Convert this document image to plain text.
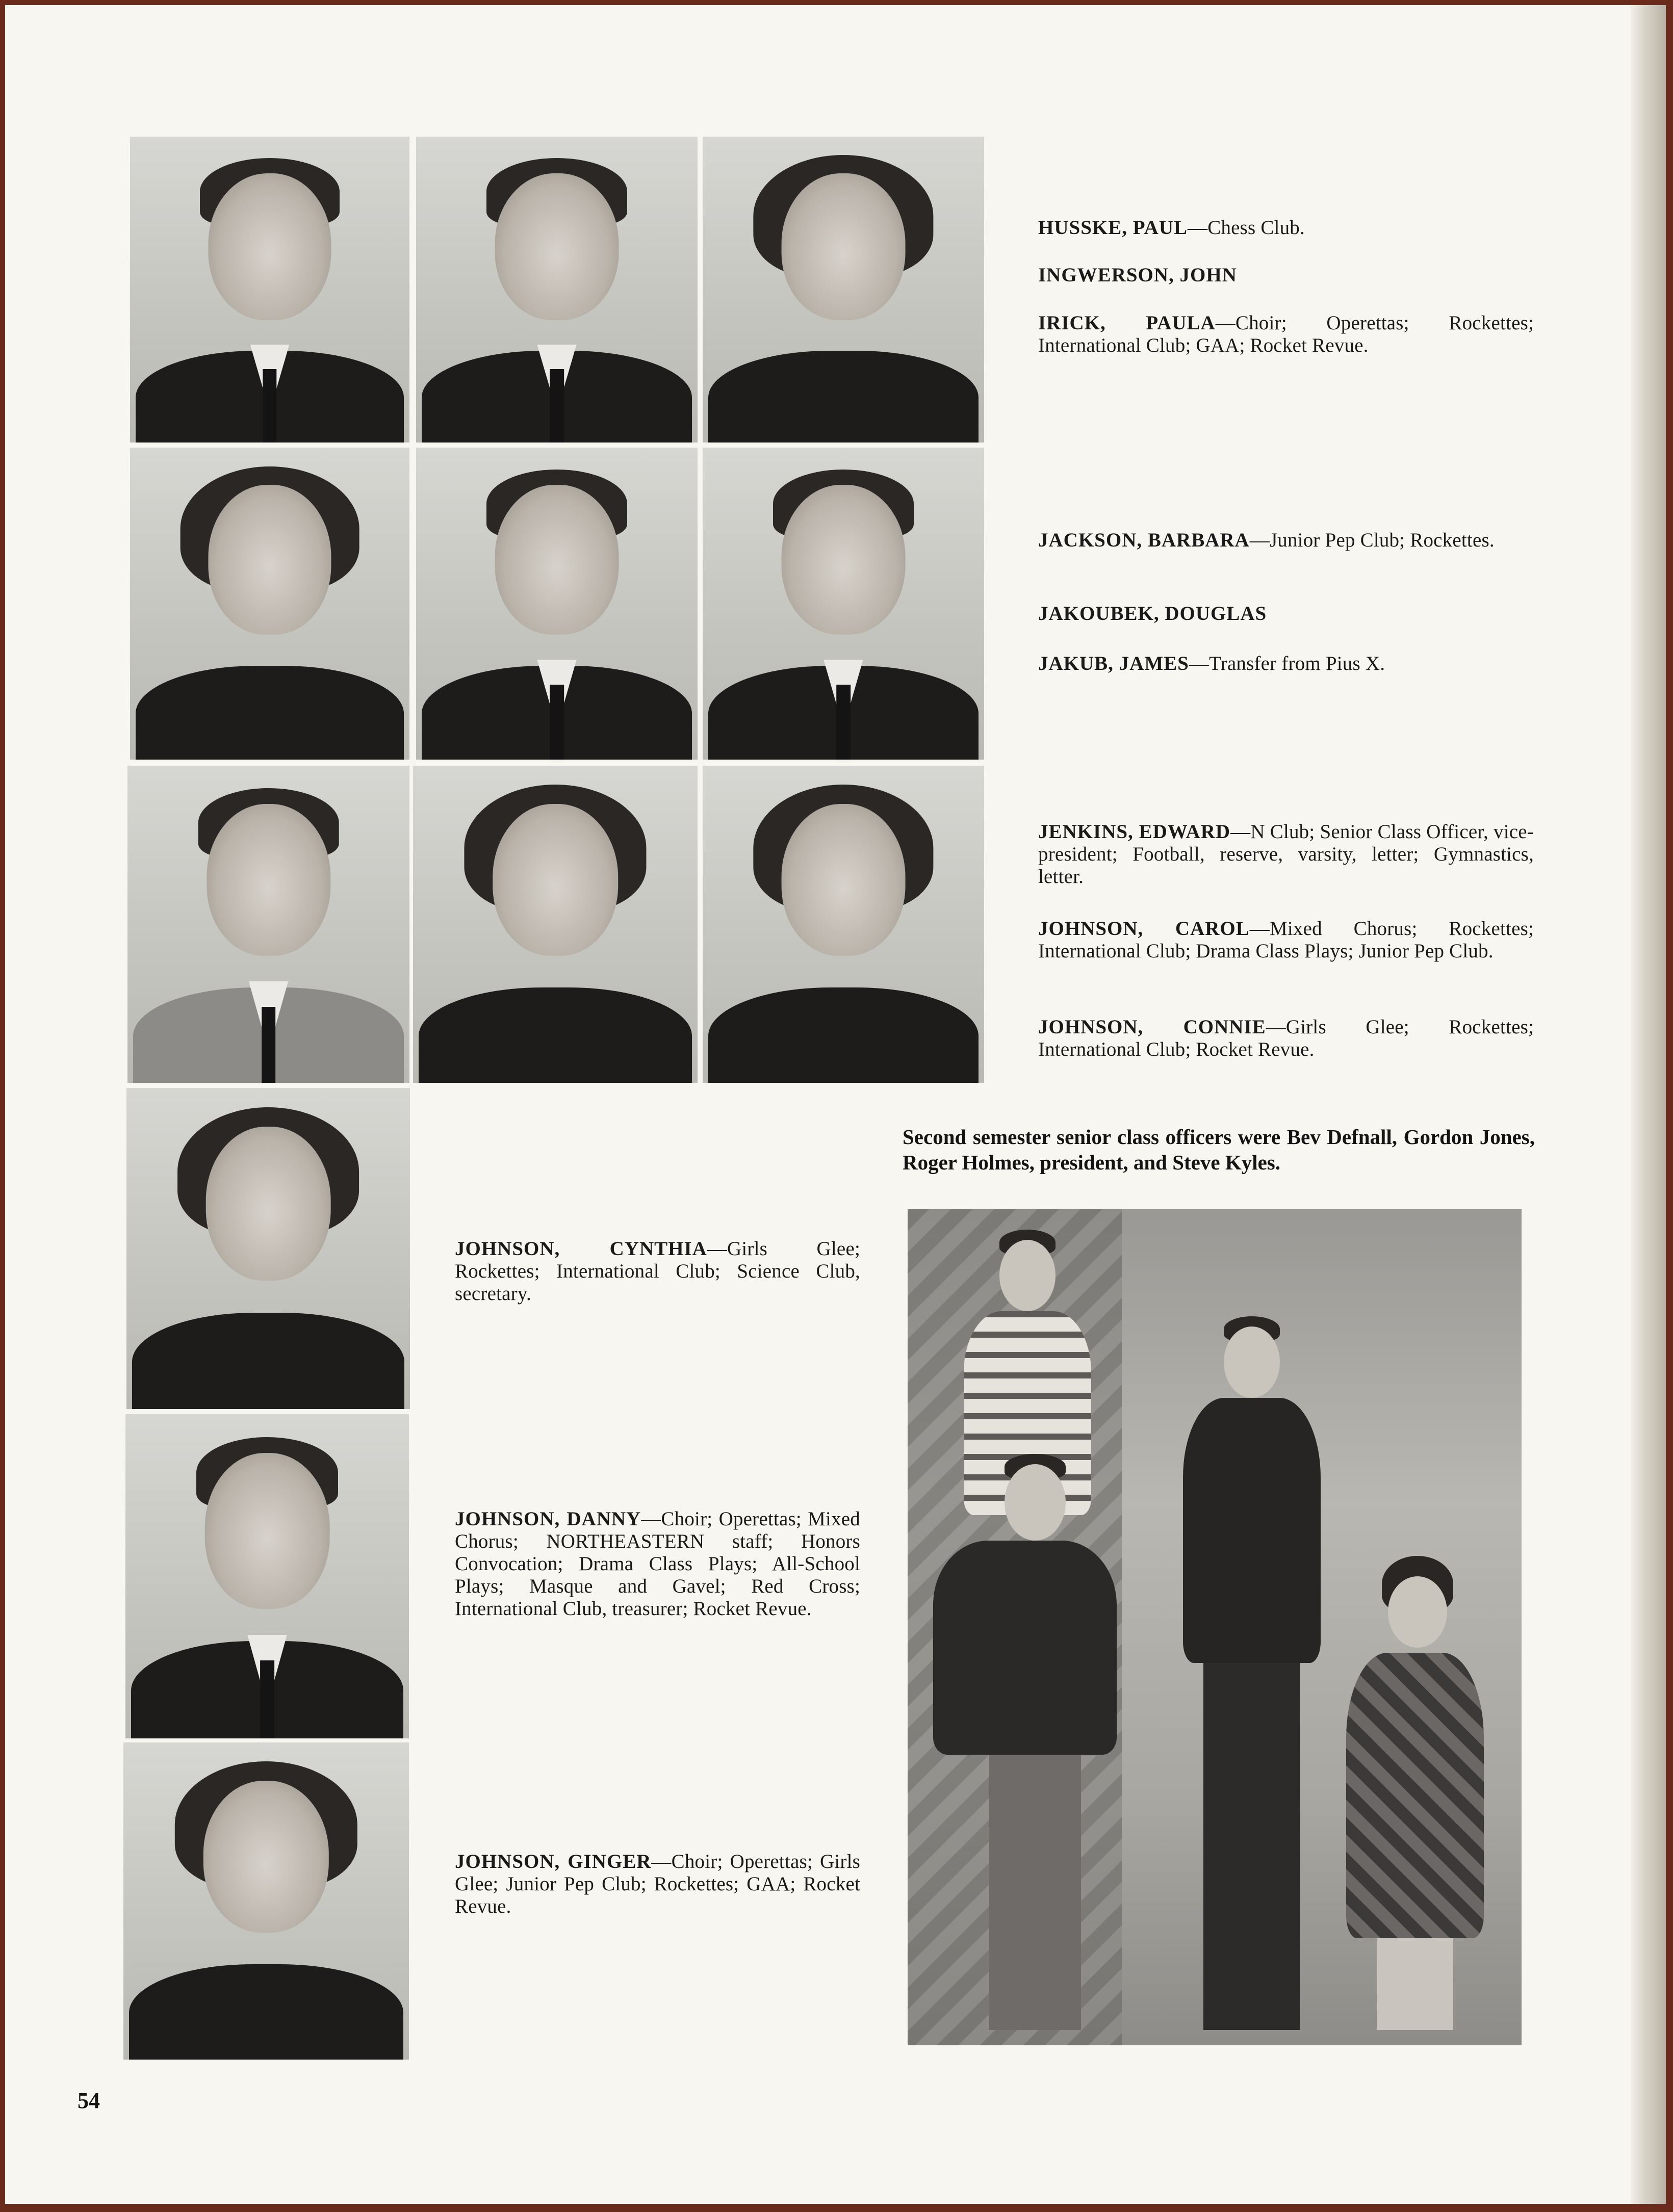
HUSSKE, PAUL—Chess Club.
INGWERSON, JOHN
IRICK, PAULA—Choir; Operettas; Rockettes; International Club; GAA; Rocket Revue.
JACKSON, BARBARA—Junior Pep Club; Rockettes.
JAKOUBEK, DOUGLAS
JAKUB, JAMES—Transfer from Pius X.
JENKINS, EDWARD—N Club; Senior Class Officer, vice-president; Football, reserve, varsity, letter; Gymnastics, letter.
JOHNSON, CAROL—Mixed Chorus; Rockettes; International Club; Drama Class Plays; Junior Pep Club.
JOHNSON, CONNIE—Girls Glee; Rockettes; International Club; Rocket Revue.
Second semester senior class officers were Bev Defnall, Gordon Jones, Roger Holmes, president, and Steve Kyles.
JOHNSON, CYNTHIA—Girls Glee; Rockettes; International Club; Science Club, secretary.
JOHNSON, DANNY—Choir; Operettas; Mixed Chorus; NORTHEASTERN staff; Honors Convocation; Drama Class Plays; All-School Plays; Masque and Gavel; Red Cross; International Club, treasurer; Rocket Revue.
JOHNSON, GINGER—Choir; Operettas; Girls Glee; Junior Pep Club; Rockettes; GAA; Rocket Revue.
54
